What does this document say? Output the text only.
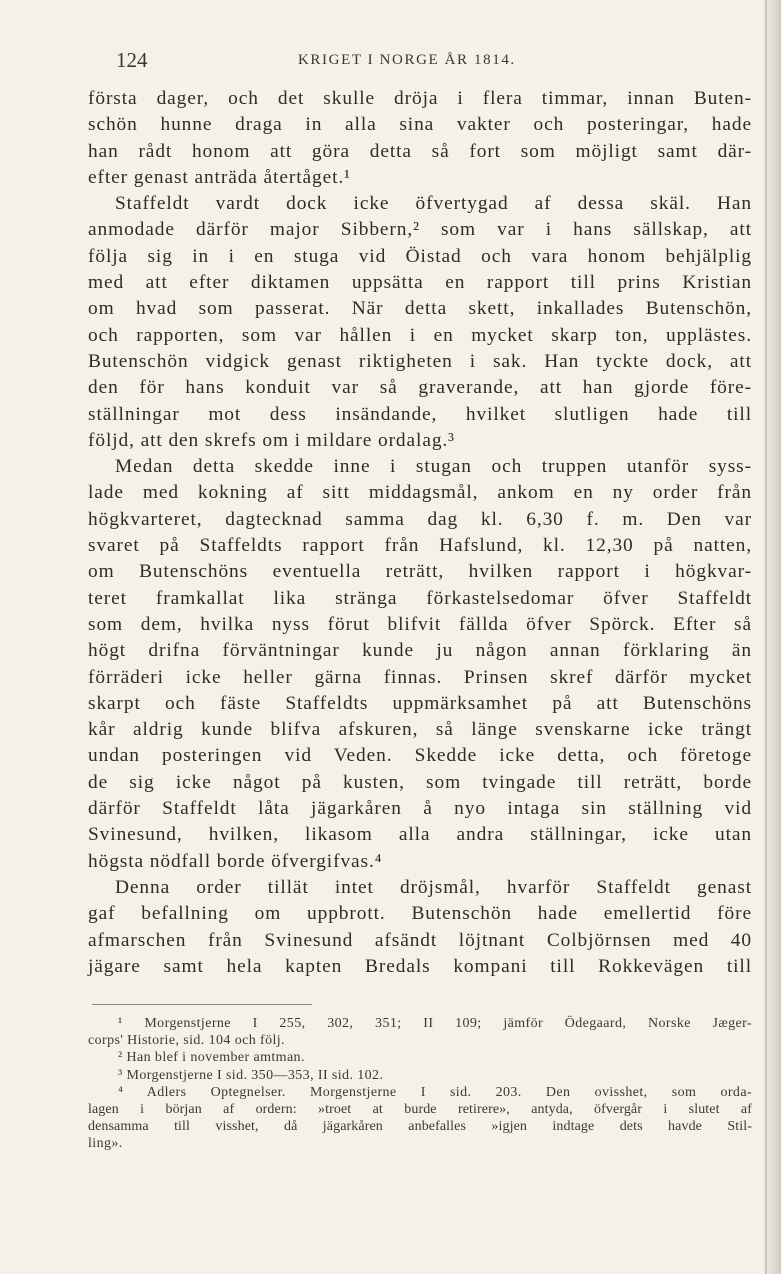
124	KRIGET I NORGE ÅR 1814.
första dager, och det skulle dröja i flera timmar, innan Buten-
schön hunne draga in alla sina vakter och posteringar, hade
han rådt honom att göra detta så fort som möjligt samt där-
efter genast anträda återtåget.¹
Staffeldt vardt dock icke öfvertygad af dessa skäl. Han
anmodade därför major Sibbern,² som var i hans sällskap, att
följa sig in i en stuga vid Öistad och vara honom behjälplig
med att efter diktamen uppsätta en rapport till prins Kristian
om hvad som passerat. När detta skett, inkallades Butenschön,
och rapporten, som var hållen i en mycket skarp ton, upplästes.
Butenschön vidgick genast riktigheten i sak. Han tyckte dock, att
den för hans konduit var så graverande, att han gjorde före-
ställningar mot dess insändande, hvilket slutligen hade till
följd, att den skrefs om i mildare ordalag.³
Medan detta skedde inne i stugan och truppen utanför syss-
lade med kokning af sitt middagsmål, ankom en ny order från
högkvarteret, dagtecknad samma dag kl. 6,30 f. m. Den var
svaret på Staffeldts rapport från Hafslund, kl. 12,30 på natten,
om Butenschöns eventuella reträtt, hvilken rapport i högkvar-
teret framkallat lika stränga förkastelsedomar öfver Staffeldt
som dem, hvilka nyss förut blifvit fällda öfver Spörck. Efter så
högt drifna förväntningar kunde ju någon annan förklaring än
förräderi icke heller gärna finnas. Prinsen skref därför mycket
skarpt och fäste Staffeldts uppmärksamhet på att Butenschöns
kår aldrig kunde blifva afskuren, så länge svenskarne icke trängt
undan posteringen vid Veden. Skedde icke detta, och företoge
de sig icke något på kusten, som tvingade till reträtt, borde
därför Staffeldt låta jägarkåren å nyo intaga sin ställning vid
Svinesund, hvilken, likasom alla andra ställningar, icke utan
högsta nödfall borde öfvergifvas.⁴
Denna order tillät intet dröjsmål, hvarför Staffeldt genast
gaf befallning om uppbrott. Butenschön hade emellertid före
afmarschen från Svinesund afsändt löjtnant Colbjörnsen med 40
jägare samt hela kapten Bredals kompani till Rokkevägen till
¹ Morgenstjerne I 255, 302, 351; II 109; jämför Ödegaard, Norske Jæger-
corps' Historie, sid. 104 och följ.
² Han blef i november amtman.
³ Morgenstjerne I sid. 350—353, II sid. 102.
⁴ Adlers Optegnelser. Morgenstjerne I sid. 203. Den ovisshet, som orda-
lagen i början af ordern: »troet at burde retirere», antyda, öfvergår i slutet af
densamma till visshet, då jägarkåren anbefalles »igjen indtage dets havde Stil-
ling».
